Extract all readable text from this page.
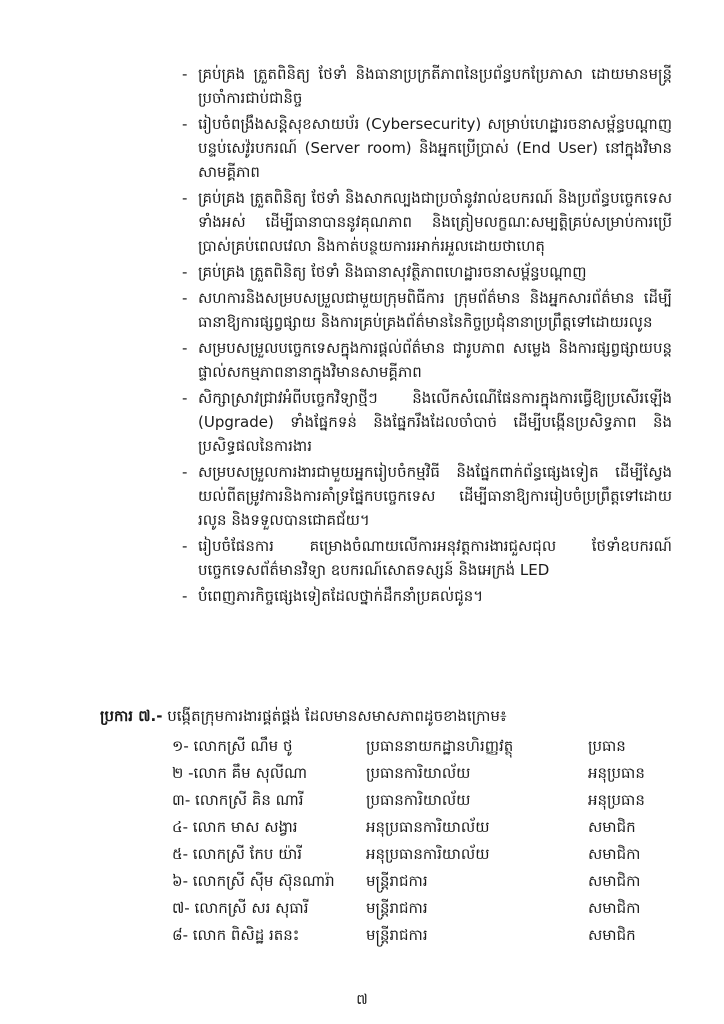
- គ្រប់គ្រង ត្រួតពិនិត្យ ថែទាំ និងធានាប្រក្រតីភាពនៃប្រព័ន្ធបកប្រែភាសា ដោយមានមន្ត្រីប្រចាំការជាប់ជានិច្ច
- រៀបចំពង្រឹងសន្តិសុខសាយប័រ (Cybersecurity) សម្រាប់ហេដ្ឋារចនាសម្ព័ន្ធបណ្តាញ បន្ទប់សេវ៉ូរបករណ៍ (Server room) និងអ្នកប្រើប្រាស់ (End User) នៅក្នុងវិមានសាមគ្គីភាព
- គ្រប់គ្រង ត្រួតពិនិត្យ ថែទាំ និងសាកល្បងជាប្រចាំនូវរាល់ឧបករណ៍ និងប្រព័ន្ធបច្ចេកទេសទាំងអស់ ដើម្បីធានាបាននូវគុណភាព និងត្រៀមលក្ខណៈសម្បត្តិគ្រប់សម្រាប់ការប្រើប្រាស់គ្រប់ពេលវេលា និងកាត់បន្ថយការរអាក់រអួលដោយថាហេតុ
- គ្រប់គ្រង ត្រួតពិនិត្យ ថែទាំ និងធានាសុវត្ថិភាពហេដ្ឋារចនាសម្ព័ន្ធបណ្តាញ
- សហការនិងសម្របសម្រួលជាមួយក្រុមពិធីការ ក្រុមព័ត៌មាន និងអ្នកសារព័ត៌មាន ដើម្បីធានាឱ្យការផ្សព្វផ្សាយ និងការគ្រប់គ្រងព័ត៌មាននៃកិច្ចប្រជុំនានាប្រព្រឹត្តទៅដោយរលូន
- សម្របសម្រួលបច្ចេកទេសក្នុងការផ្តល់ព័ត៌មាន ជារូបភាព សម្លេង និងការផ្សព្វផ្សាយបន្តផ្ទាល់សកម្មភាពនានាក្នុងវិមានសាមគ្គីភាព
- សិក្សាស្រាវជ្រាវអំពីបច្ចេកវិទ្យាថ្មីៗ និងលើកសំណើផែនការក្នុងការធ្វើឱ្យប្រសើរឡើង (Upgrade) ទាំងផ្នែកទន់ និងផ្នែករឹងដែលចាំបាច់ ដើម្បីបង្កើនប្រសិទ្ធភាព និងប្រសិទ្ធផលនៃការងារ
- សម្របសម្រួលការងារជាមួយអ្នករៀបចំកម្មវិធី និងផ្នែកពាក់ព័ន្ធផ្សេងទៀត ដើម្បីស្វែងយល់ពីតម្រូវការនិងការគាំទ្រផ្នែកបច្ចេកទេស ដើម្បីធានាឱ្យការរៀបចំប្រព្រឹត្តទៅដោយរលូន និងទទួលបានជោគជ័យ។
- រៀបចំផែនការ គម្រោងចំណាយលើការអនុវត្តការងារជួសជុល ថែទាំឧបករណ៍បច្ចេកទេសព័ត៌មានវិទ្យា ឧបករណ៍សោតទស្សន៍ និងអេក្រង់ LED
- បំពេញភារកិច្ចផ្សេងទៀតដែលថ្នាក់ដឹកនាំប្រគល់ជូន។
ប្រការ ៧.- បង្កើតក្រុមការងារផ្គត់ផ្គង់ ដែលមានសមាសភាពដូចខាងក្រោម៖
១- លោកស្រី ណឹម ថូ	ប្រធាននាយកដ្ឋានហិរញ្ញវត្ថុ	ប្រធាន
២ -លោក គឹម សុលីណា	ប្រធានការិយាល័យ	អនុប្រធាន
៣- លោកស្រី គិន ណារី	ប្រធានការិយាល័យ	អនុប្រធាន
៤- លោក មាស សង្វារ	អនុប្រធានការិយាល័យ	សមាជិក
៥- លោកស្រី កែប យ៉ារី	អនុប្រធានការិយាល័យ	សមាជិកា
៦- លោកស្រី ស៊ីម ស៊ុនណារ៉ា	មន្ត្រីរាជការ	សមាជិកា
៧- លោកស្រី សរ សុធារី	មន្ត្រីរាជការ	សមាជិកា
៨- លោក ពិសិដ្ឋ រតនះ	មន្ត្រីរាជការ	សមាជិក
៧
